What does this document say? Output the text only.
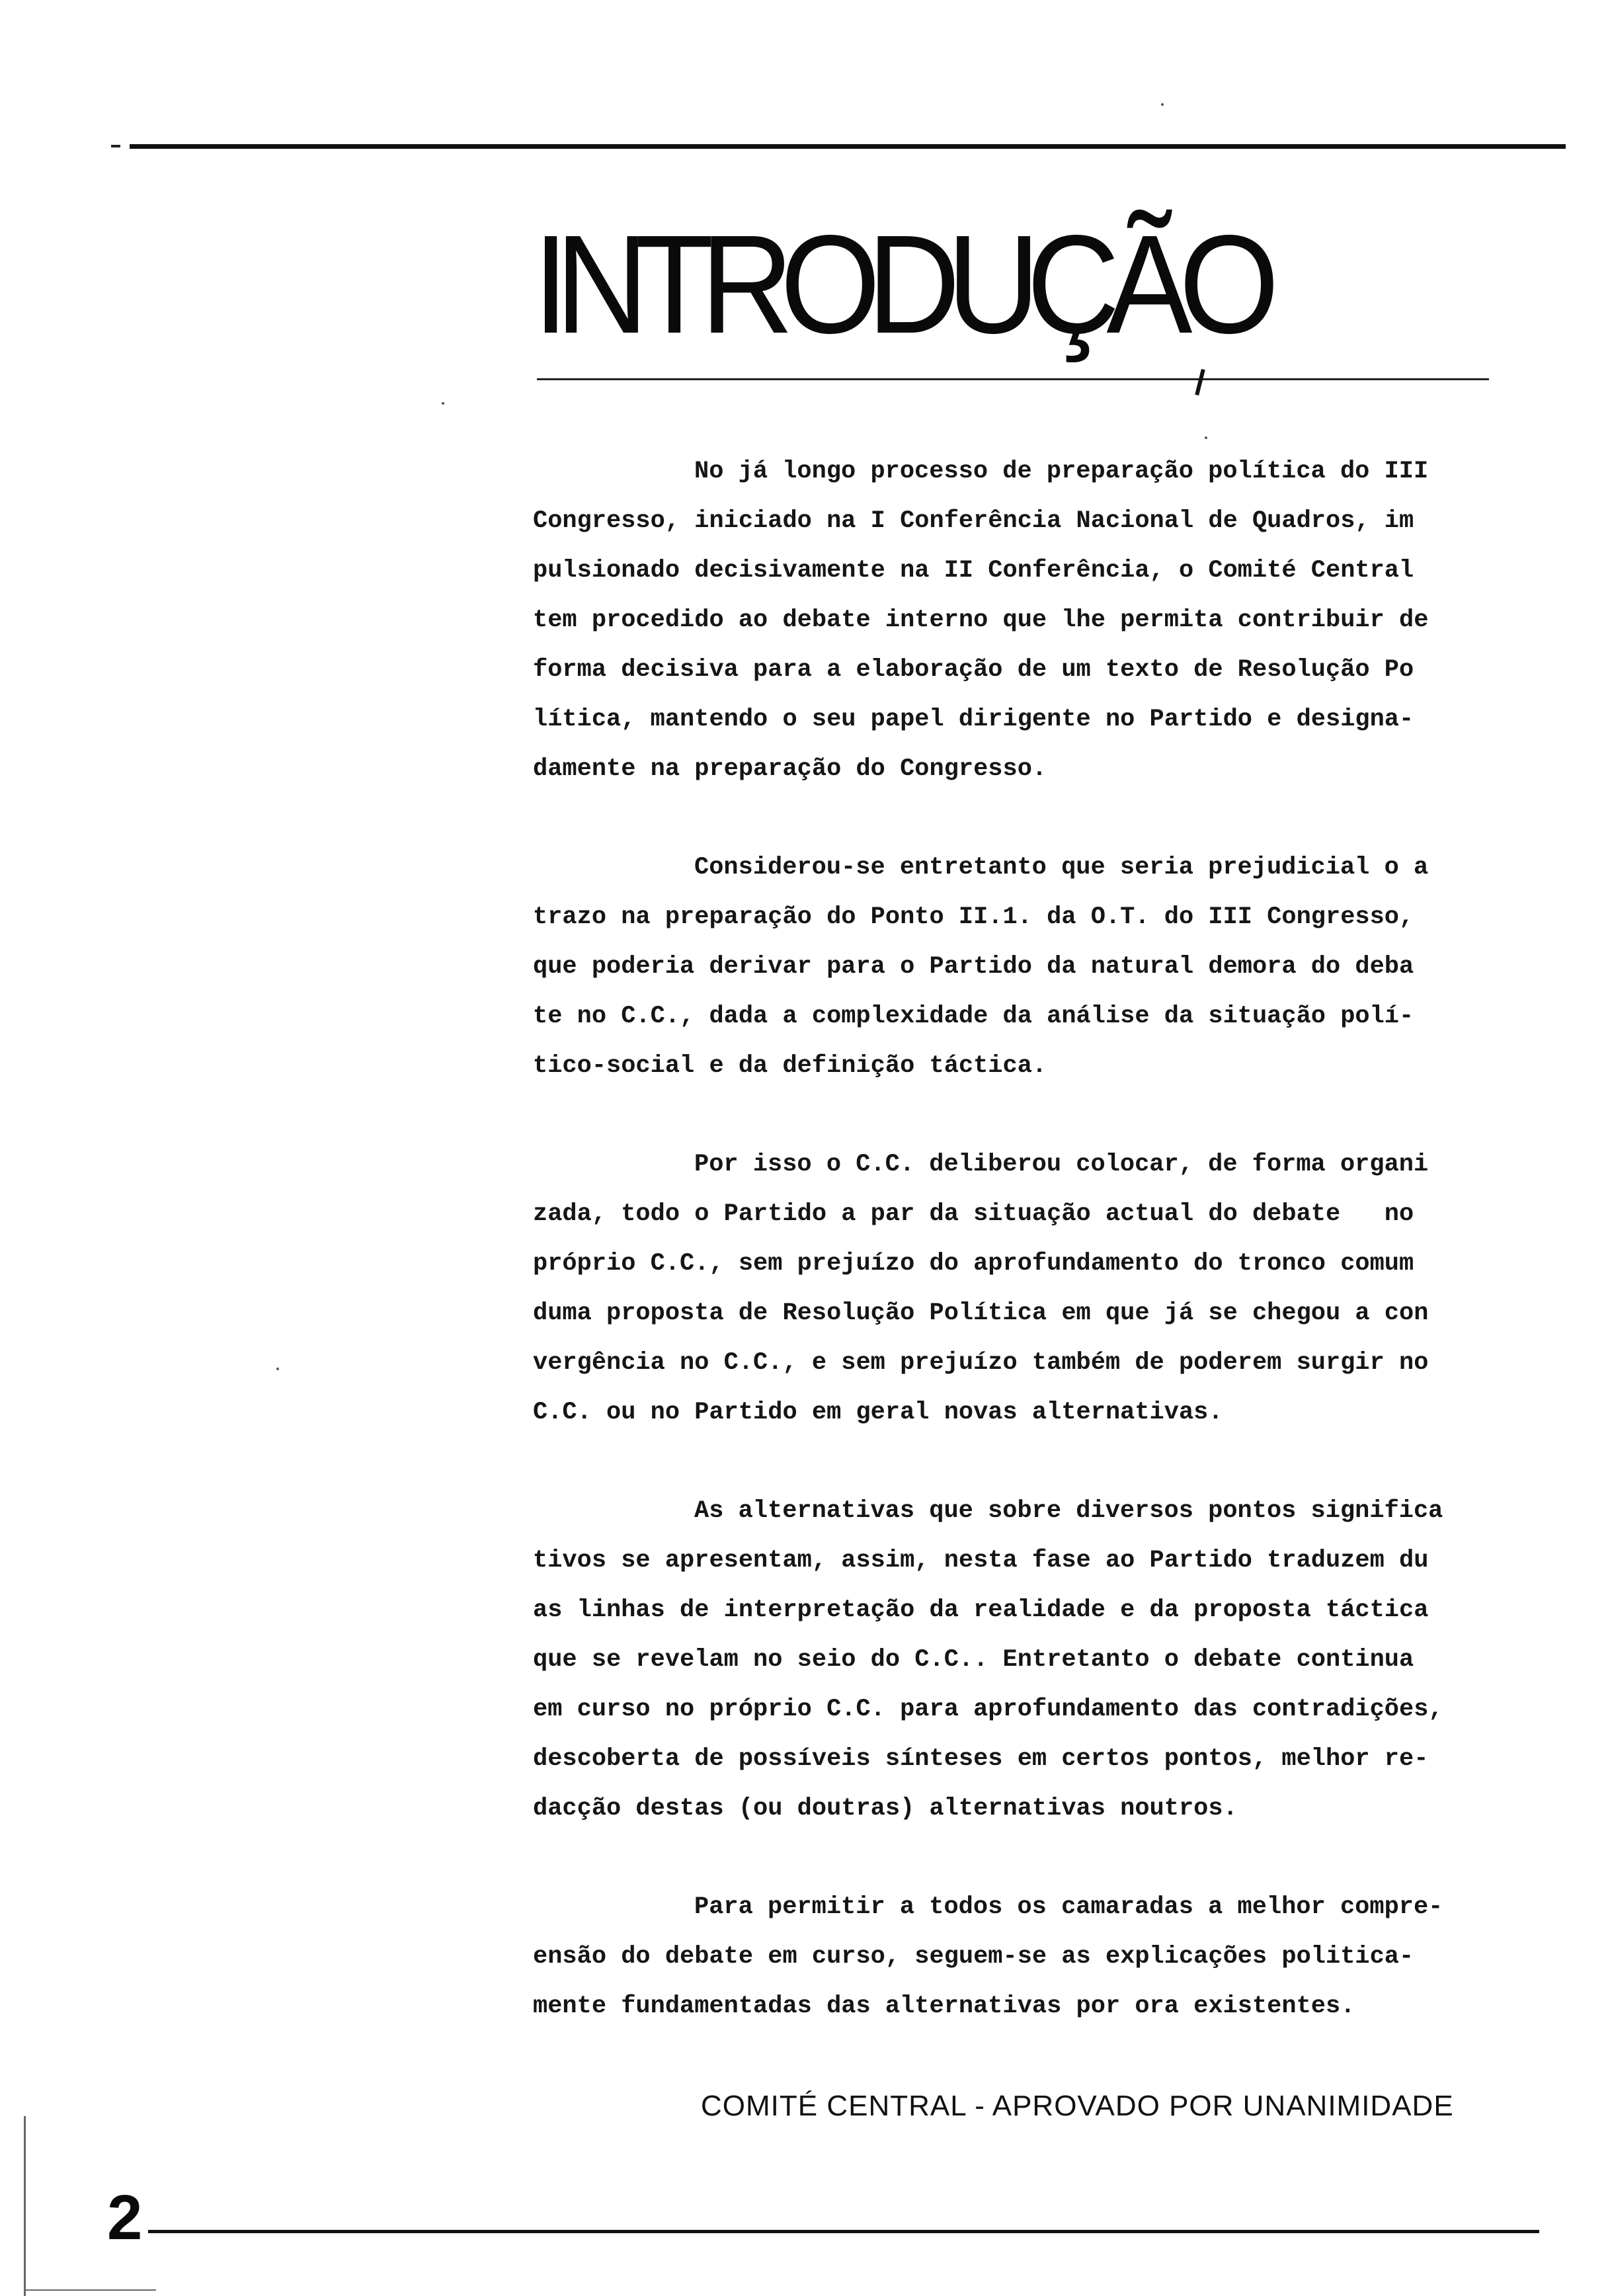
INTRODUÇÃO

No já longo processo de preparação política do III
Congresso, iniciado na I Conferência Nacional de Quadros, im
pulsionado decisivamente na II Conferência, o Comité Central
tem procedido ao debate interno que lhe permita contribuir de
forma decisiva para a elaboração de um texto de Resolução Po
lítica, mantendo o seu papel dirigente no Partido e designa-
damente na preparação do Congresso.

Considerou-se entretanto que seria prejudicial o a
trazo na preparação do Ponto II.1. da O.T. do III Congresso,
que poderia derivar para o Partido da natural demora do deba
te no C.C., dada a complexidade da análise da situação polí-
tico-social e da definição táctica.

Por isso o C.C. deliberou colocar, de forma organi
zada, todo o Partido a par da situação actual do debate   no
próprio C.C., sem prejuízo do aprofundamento do tronco comum
duma proposta de Resolução Política em que já se chegou a con
vergência no C.C., e sem prejuízo também de poderem surgir no
C.C. ou no Partido em geral novas alternativas.

As alternativas que sobre diversos pontos significa
tivos se apresentam, assim, nesta fase ao Partido traduzem du
as linhas de interpretação da realidade e da proposta táctica
que se revelam no seio do C.C.. Entretanto o debate continua
em curso no próprio C.C. para aprofundamento das contradições,
descoberta de possíveis sínteses em certos pontos, melhor re-
dacção destas (ou doutras) alternativas noutros.

Para permitir a todos os camaradas a melhor compre-
ensão do debate em curso, seguem-se as explicações politica-
mente fundamentadas das alternativas por ora existentes.

COMITÉ CENTRAL - APROVADO POR UNANIMIDADE
2
